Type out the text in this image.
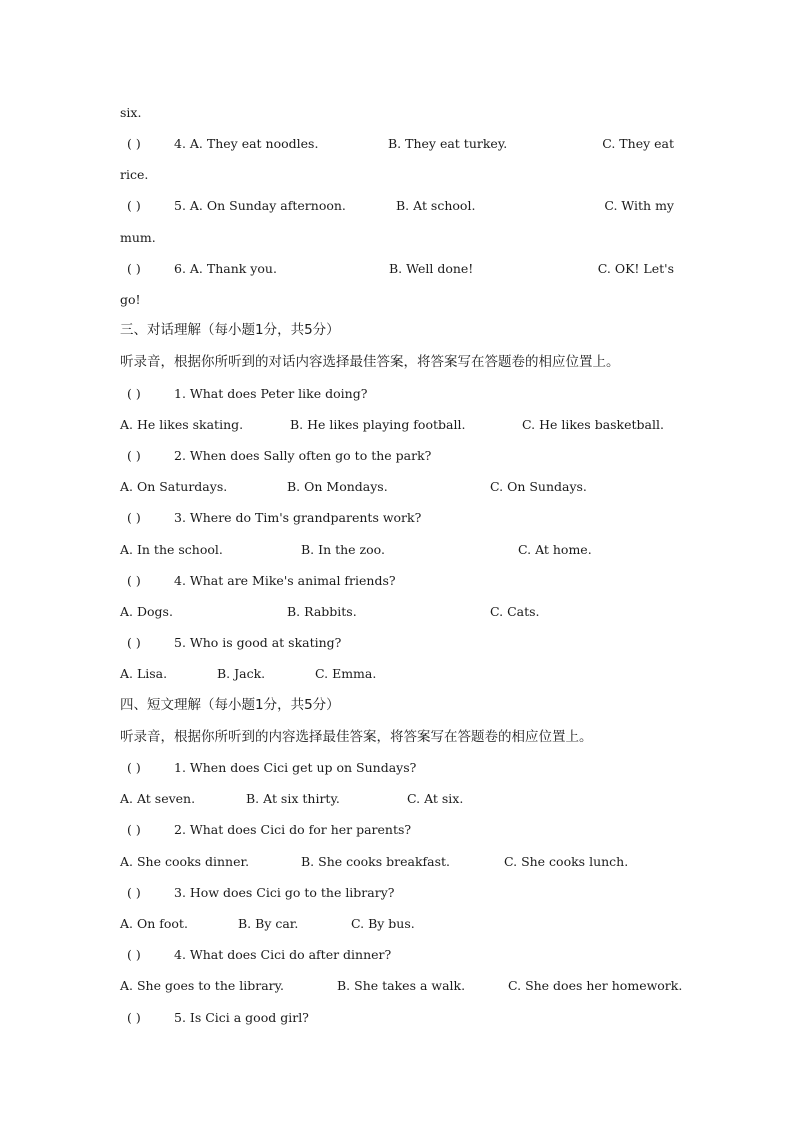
six.
( )	4. A. They eat noodles.	B. They eat turkey.	C. They eat
rice.
( )	5. A. On Sunday afternoon.	B. At school.	C. With my
mum.
( )	6. A. Thank you.	B. Well done!	C. OK! Let's
go!
三、对话理解（每小题1分，共5分）
听录音，根据你所听到的对话内容选择最佳答案，将答案写在答题卷的相应位置上。
( )	1. What does Peter like doing?
A. He likes skating.	B. He likes playing football.	C. He likes basketball.
( )	2. When does Sally often go to the park?
A. On Saturdays.	B. On Mondays.	C. On Sundays.
( )	3. Where do Tim's grandparents work?
A. In the school.	B. In the zoo.	C. At home.
( )	4. What are Mike's animal friends?
A. Dogs.	B. Rabbits.	C. Cats.
( )	5. Who is good at skating?
A. Lisa.	B. Jack.	C. Emma.
四、短文理解（每小题1分，共5分）
听录音，根据你所听到的内容选择最佳答案，将答案写在答题卷的相应位置上。
( )	1. When does Cici get up on Sundays?
A. At seven.	B. At six thirty.	C. At six.
( )	2. What does Cici do for her parents?
A. She cooks dinner.	B. She cooks breakfast.	C. She cooks lunch.
( )	3. How does Cici go to the library?
A. On foot.	B. By car.	C. By bus.
( )	4. What does Cici do after dinner?
A. She goes to the library.	B. She takes a walk.	C. She does her homework.
( )	5. Is Cici a good girl?
